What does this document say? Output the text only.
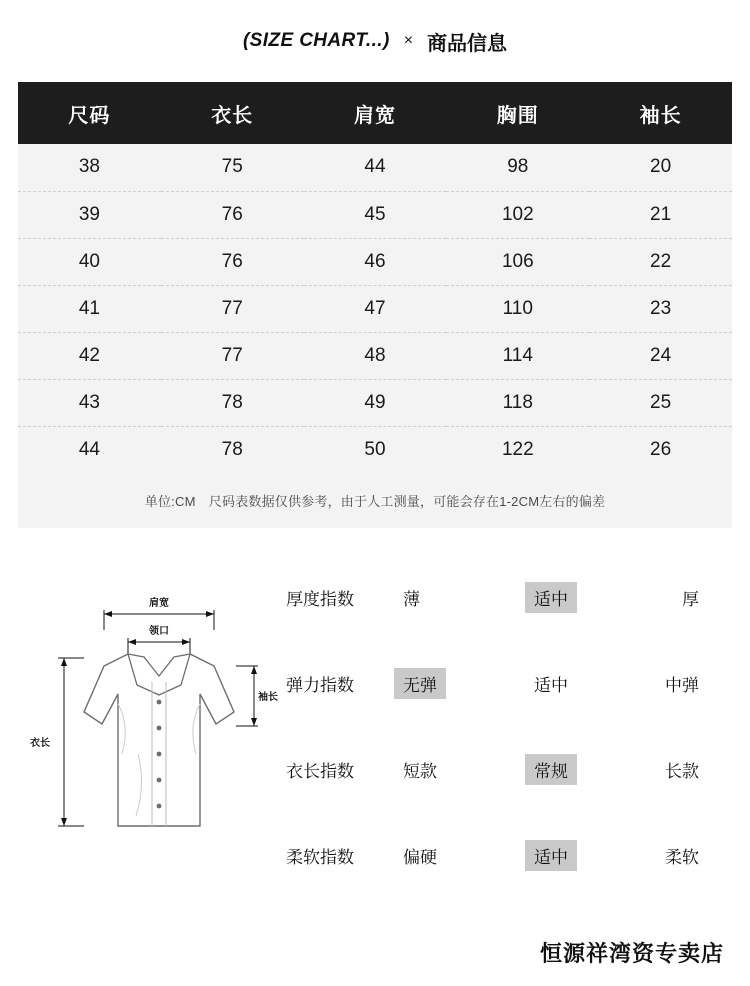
(SIZE CHART...) × 商品信息
尺码	衣长	肩宽	胸围	袖长
38	75	44	98	20
39	76	45	102	21
40	76	46	106	22
41	77	47	110	23
42	77	48	114	24
43	78	49	118	25
44	78	50	122	26
单位:CM　尺码表数据仅供参考，由于人工测量，可能会存在1-2CM左右的偏差
肩宽
领口
袖长
衣长
厚度指数	薄	适中	厚
弹力指数	无弹	适中	中弹
衣长指数	短款	常规	长款
柔软指数	偏硬	适中	柔软
恒源祥湾资专卖店
